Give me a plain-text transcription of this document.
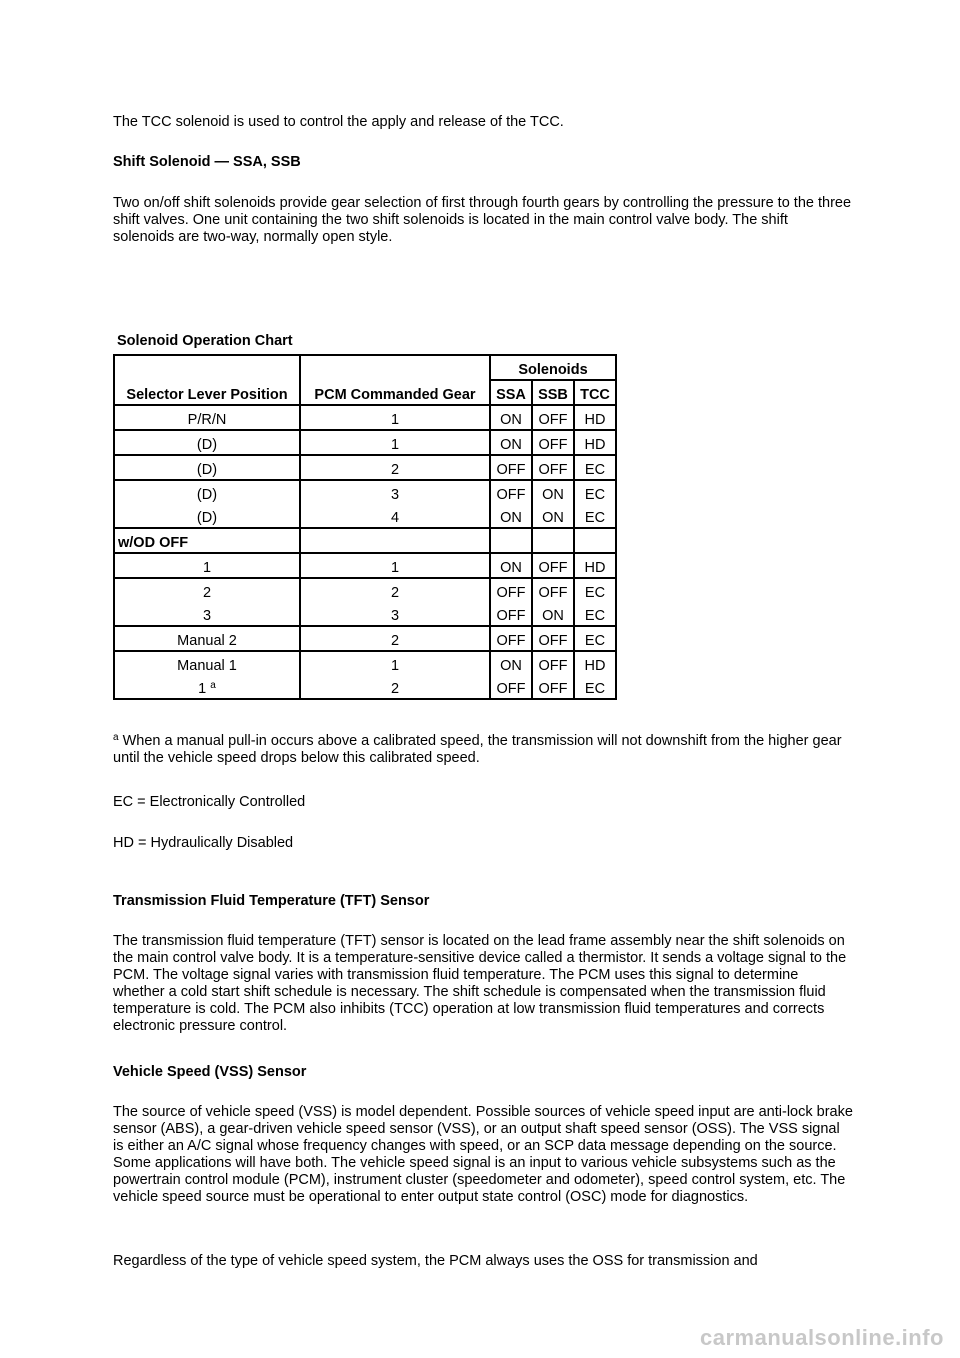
The TCC solenoid is used to control the apply and release of the TCC.

Shift Solenoid — SSA, SSB

Two on/off shift solenoids provide gear selection of first through fourth gears by controlling the pressure to the three shift valves. One unit containing the two shift solenoids is located in the main control valve body. The shift solenoids are two-way, normally open style.

Solenoid Operation Chart
		Solenoids		
Selector Lever Position	PCM Commanded Gear	SSA	SSB	TCC
P/R/N	1	ON	OFF	HD
(D)	1	ON	OFF	HD
(D)	2	OFF	OFF	EC
(D)	3	OFF	ON	EC
(D)	4	ON	ON	EC
w/OD OFF				
1	1	ON	OFF	HD
2	2	OFF	OFF	EC
3	3	OFF	ON	EC
Manual 2	2	OFF	OFF	EC
Manual 1	1	ON	OFF	HD
1 $^a$	2	OFF	OFF	EC

$^a$ When a manual pull-in occurs above a calibrated speed, the transmission will not downshift from the higher gear until the vehicle speed drops below this calibrated speed.

EC = Electronically Controlled

HD = Hydraulically Disabled

Transmission Fluid Temperature (TFT) Sensor

The transmission fluid temperature (TFT) sensor is located on the lead frame assembly near the shift solenoids on the main control valve body. It is a temperature-sensitive device called a thermistor. It sends a voltage signal to the PCM. The voltage signal varies with transmission fluid temperature. The PCM uses this signal to determine whether a cold start shift schedule is necessary. The shift schedule is compensated when the transmission fluid temperature is cold. The PCM also inhibits (TCC) operation at low transmission fluid temperatures and corrects electronic pressure control.

Vehicle Speed (VSS) Sensor

The source of vehicle speed (VSS) is model dependent. Possible sources of vehicle speed input are anti-lock brake sensor (ABS), a gear-driven vehicle speed sensor (VSS), or an output shaft speed sensor (OSS). The VSS signal is either an A/C signal whose frequency changes with speed, or an SCP data message depending on the source. Some applications will have both. The vehicle speed signal is an input to various vehicle subsystems such as the powertrain control module (PCM), instrument cluster (speedometer and odometer), speed control system, etc. The vehicle speed source must be operational to enter output state control (OSC) mode for diagnostics.

Regardless of the type of vehicle speed system, the PCM always uses the OSS for transmission and

carmanualsonline.info
